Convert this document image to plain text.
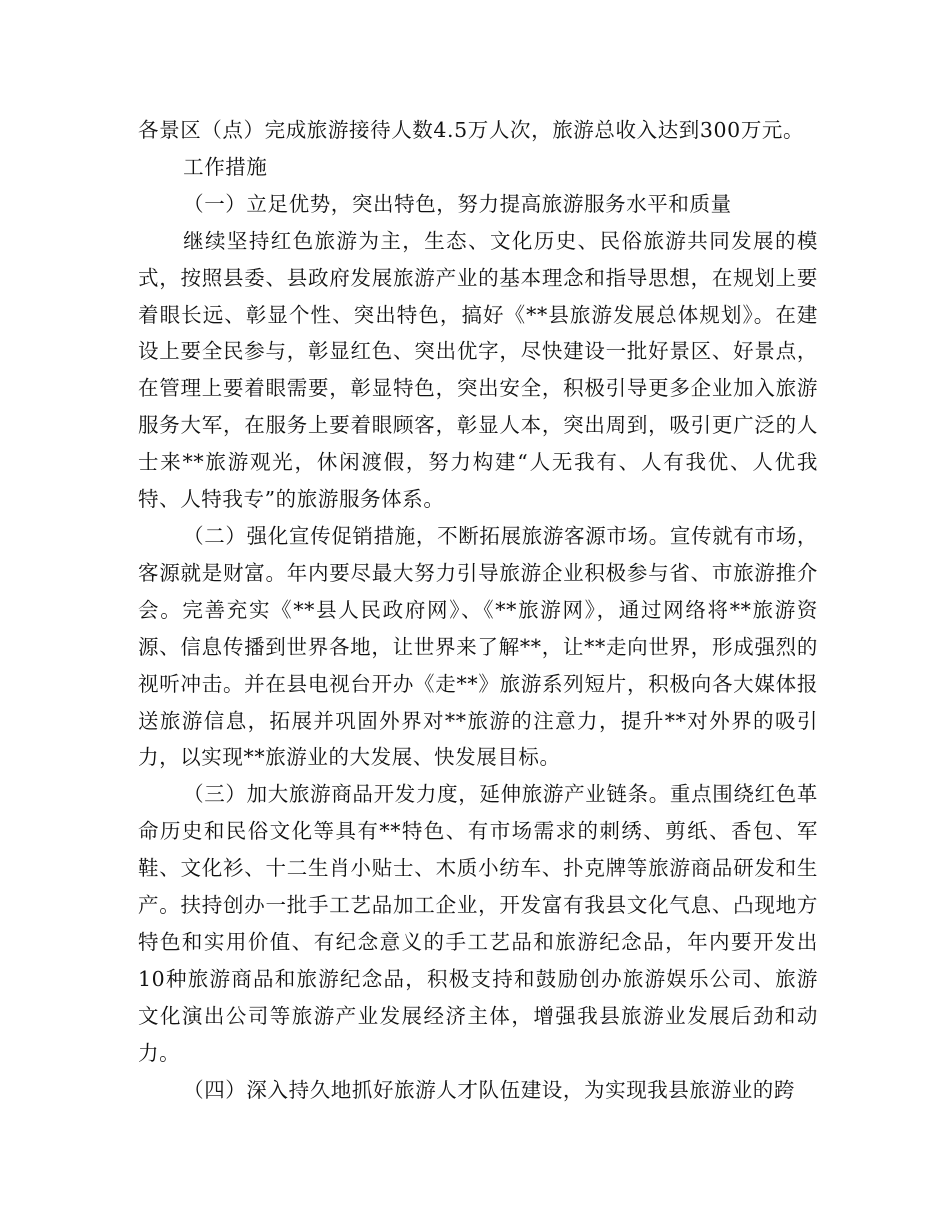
各景区（点）完成旅游接待人数4.5万人次，旅游总收入达到300万元。

工作措施

（一）立足优势，突出特色，努力提高旅游服务水平和质量

继续坚持红色旅游为主，生态、文化历史、民俗旅游共同发展的模式，按照县委、县政府发展旅游产业的基本理念和指导思想，在规划上要着眼长远、彰显个性、突出特色，搞好《**县旅游发展总体规划》。在建设上要全民参与，彰显红色、突出优字，尽快建设一批好景区、好景点，在管理上要着眼需要，彰显特色，突出安全，积极引导更多企业加入旅游服务大军，在服务上要着眼顾客，彰显人本，突出周到，吸引更广泛的人士来**旅游观光，休闲渡假，努力构建“人无我有、人有我优、人优我特、人特我专”的旅游服务体系。

（二）强化宣传促销措施，不断拓展旅游客源市场。宣传就有市场，客源就是财富。年内要尽最大努力引导旅游企业积极参与省、市旅游推介会。完善充实《**县人民政府网》、《**旅游网》，通过网络将**旅游资源、信息传播到世界各地，让世界来了解**，让**走向世界，形成强烈的视听冲击。并在县电视台开办《走**》旅游系列短片，积极向各大媒体报送旅游信息，拓展并巩固外界对**旅游的注意力，提升**对外界的吸引力，以实现**旅游业的大发展、快发展目标。

（三）加大旅游商品开发力度，延伸旅游产业链条。重点围绕红色革命历史和民俗文化等具有**特色、有市场需求的刺绣、剪纸、香包、军鞋、文化衫、十二生肖小贴士、木质小纺车、扑克牌等旅游商品研发和生产。扶持创办一批手工艺品加工企业，开发富有我县文化气息、凸现地方特色和实用价值、有纪念意义的手工艺品和旅游纪念品，年内要开发出10种旅游商品和旅游纪念品，积极支持和鼓励创办旅游娱乐公司、旅游文化演出公司等旅游产业发展经济主体，增强我县旅游业发展后劲和动力。

（四）深入持久地抓好旅游人才队伍建设，为实现我县旅游业的跨
